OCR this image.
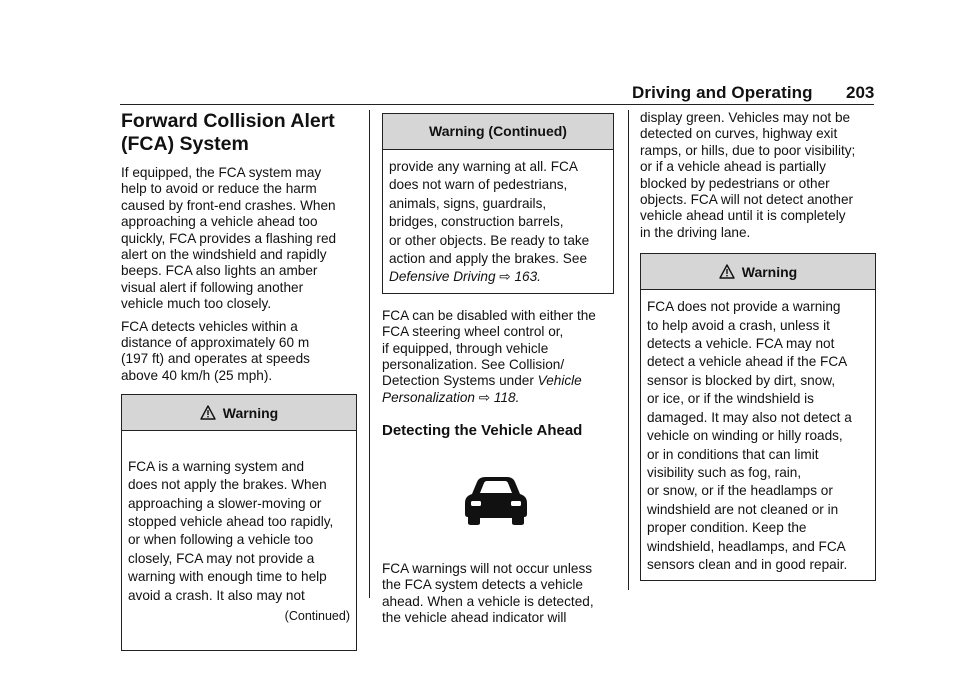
Driving and Operating 203
Forward Collision Alert
(FCA) System

If equipped, the FCA system may
help to avoid or reduce the harm
caused by front-end crashes. When
approaching a vehicle ahead too
quickly, FCA provides a flashing red
alert on the windshield and rapidly
beeps. FCA also lights an amber
visual alert if following another
vehicle much too closely.

FCA detects vehicles within a
distance of approximately 60 m
(197 ft) and operates at speeds
above 40 km/h (25 mph).

Warning

FCA is a warning system and
does not apply the brakes. When
approaching a slower-moving or
stopped vehicle ahead too rapidly,
or when following a vehicle too
closely, FCA may not provide a
warning with enough time to help
avoid a crash. It also may not

(Continued)

Warning (Continued)
provide any warning at all. FCA
does not warn of pedestrians,
animals, signs, guardrails,
bridges, construction barrels,
or other objects. Be ready to take
action and apply the brakes. See
Defensive Driving ⇨ 163.

FCA can be disabled with either the
FCA steering wheel control or,
if equipped, through vehicle
personalization. See Collision/
Detection Systems under Vehicle
Personalization ⇨ 118.

Detecting the Vehicle Ahead

FCA warnings will not occur unless
the FCA system detects a vehicle
ahead. When a vehicle is detected,
the vehicle ahead indicator will

display green. Vehicles may not be
detected on curves, highway exit
ramps, or hills, due to poor visibility;
or if a vehicle ahead is partially
blocked by pedestrians or other
objects. FCA will not detect another
vehicle ahead until it is completely
in the driving lane.

Warning
FCA does not provide a warning
to help avoid a crash, unless it
detects a vehicle. FCA may not
detect a vehicle ahead if the FCA
sensor is blocked by dirt, snow,
or ice, or if the windshield is
damaged. It may also not detect a
vehicle on winding or hilly roads,
or in conditions that can limit
visibility such as fog, rain,
or snow, or if the headlamps or
windshield are not cleaned or in
proper condition. Keep the
windshield, headlamps, and FCA
sensors clean and in good repair.
